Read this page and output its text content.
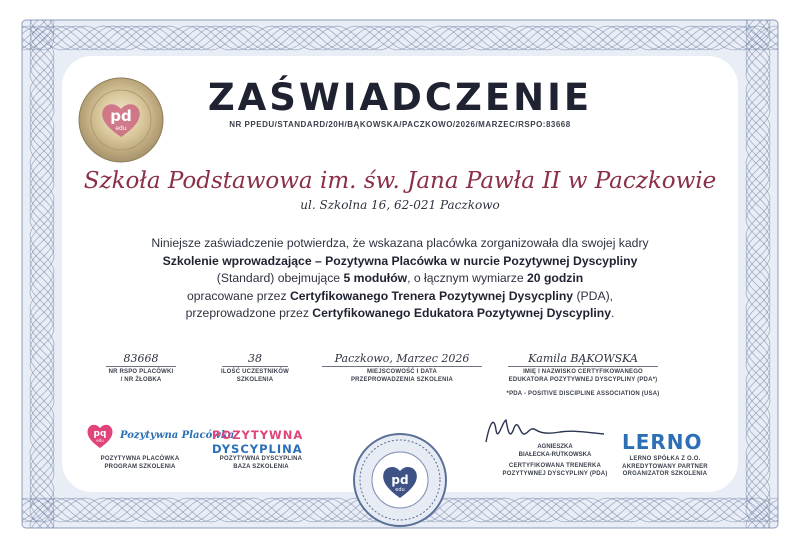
pd
edu
ZAŚWIADCZENIE
NR PPEDU/STANDARD/20H/BĄKOWSKA/PACZKOWO/2026/MARZEC/RSPO:83668
Szkoła Podstawowa im. św. Jana Pawła II w Paczkowie
ul. Szkolna 16, 62-021 Paczkowo
Niniejsze zaświadczenie potwierdza, że wskazana placówka zorganizowała dla swojej kadry
Szkolenie wprowadzające – Pozytywna Placówka w nurcie Pozytywnej Dyscypliny
(Standard) obejmujące 5 modułów, o łącznym wymiarze 20 godzin
opracowane przez Certyfikowanego Trenera Pozytywnej Dysycpliny (PDA),
przeprowadzone przez Certyfikowanego Edukatora Pozytywnej Dyscypliny.
83668
NR RSPO PLACÓWKI
/ NR ŻŁOBKA
38
ILOŚĆ UCZESTNIKÓW
SZKOLENIA
Paczkowo, Marzec 2026
MIEJSCOWOŚĆ I DATA
PRZEPROWADZENIA SZKOLENIA
Kamila BĄKOWSKA
IMIĘ I NAZWISKO CERTYFIKOWANEGO
EDUKATORA POZYTYWNEJ DYSCYPLINY (PDA*)
*PDA - POSITIVE DISCIPLINE ASSOCIATION (USA)
pq
edu Pozytywna Placówka
POZYTYWNA PLACÓWKA
PROGRAM SZKOLENIA
POZYTYWNA
DYSCYPLINA
POZYTYWNA DYSCYPLINA
BAZA SZKOLENIA
pd
edu
AGNIESZKA
BIAŁECKA-RUTKOWSKA
CERTYFIKOWANA TRENERKA
POZYTYWNEJ DYSCYPLINY (PDA)
LERNO
LERNO SPÓŁKA Z O.O.
AKREDYTOWANY PARTNER
ORGANIZATOR SZKOLENIA
